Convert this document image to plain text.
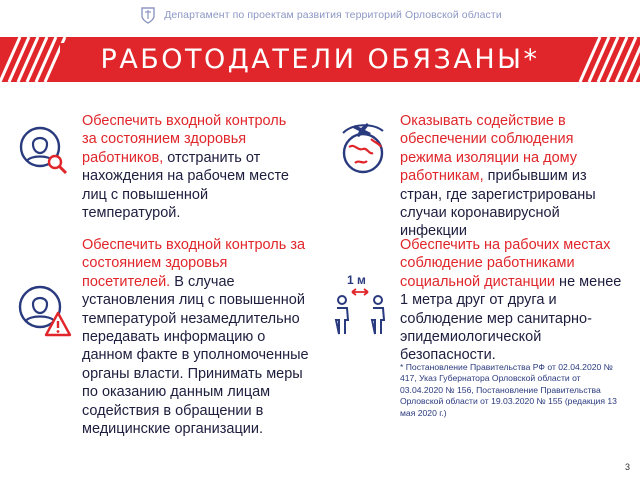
Департамент по проектам развития территорий Орловской области
РАБОТОДАТЕЛИ ОБЯЗАНЫ*
Обеспечить входной контроль за состоянием здоровья работников, отстранить от нахождения на рабочем месте лиц с повышенной температурой.
Оказывать содействие в обеспечении соблюдения режима изоляции на дому работникам, прибывшим из стран, где зарегистрированы случаи коронавирусной инфекции
Обеспечить входной контроль за состоянием здоровья посетителей. В случае установления лиц с повышенной температурой незамедлительно передавать информацию о данном факте в уполномоченные органы власти. Принимать меры по оказанию данным лицам содействия в обращении в медицинские организации.
1 м
Обеспечить на рабочих местах соблюдение работниками социальной дистанции не менее 1 метра друг от друга и соблюдение мер санитарно-эпидемиологической безопасности.
* Постановление Правительства РФ от 02.04.2020 № 417, Указ Губернатора Орловской области от 03.04.2020 № 156, Постановление Правительства Орловской области от 19.03.2020 № 155 (редакция 13 мая 2020 г.)
3
